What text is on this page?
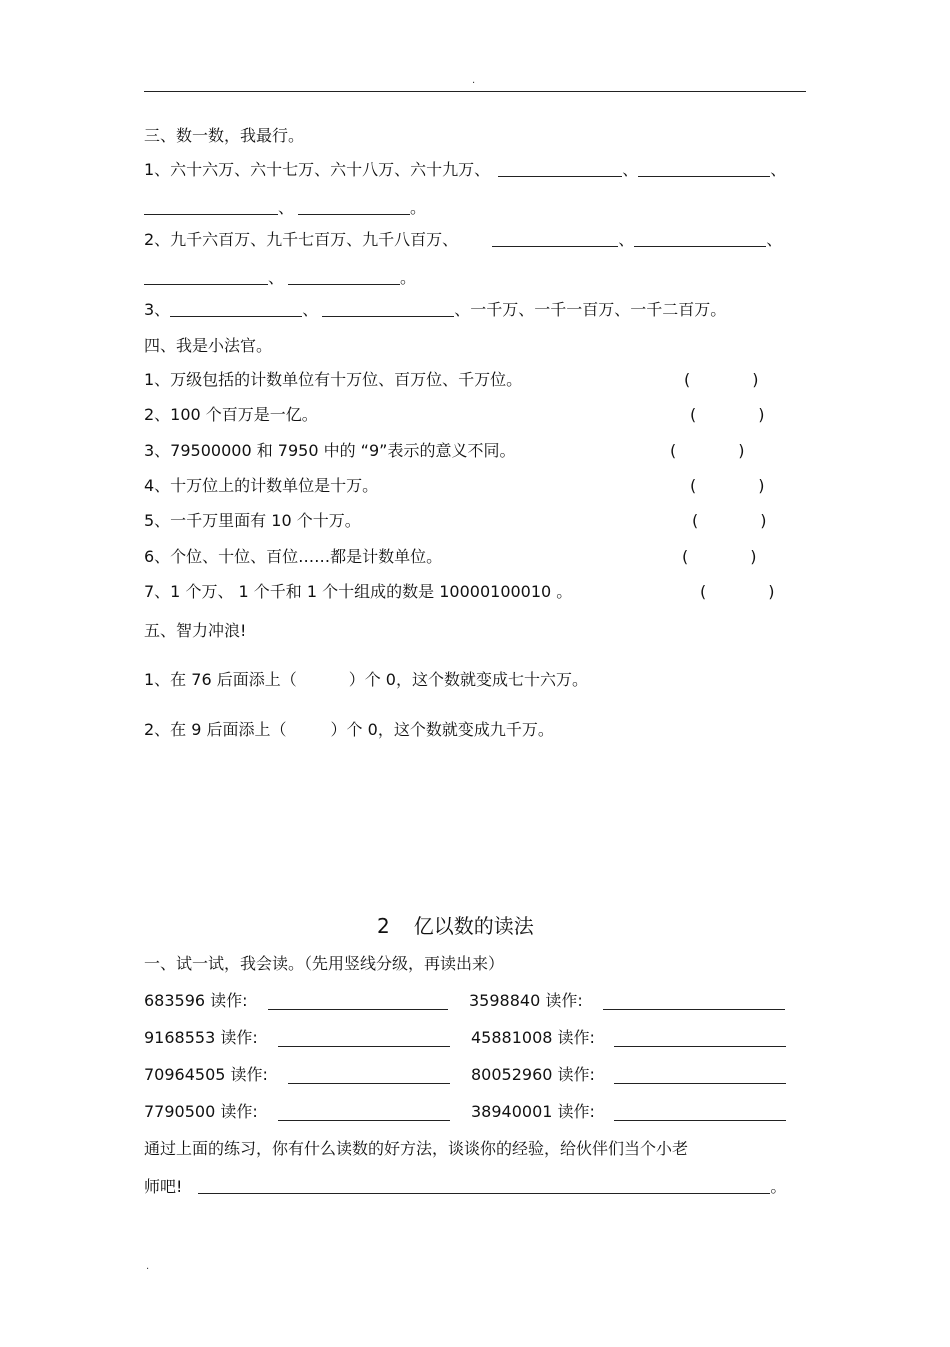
.
三、数一数，我最行。
1、六十六万、六十七万、六十八万、六十九万、	、	、
、	。
2、九千六百万、九千七百万、九千八百万、	、	、
、	。
3、	、	、一千万、一千一百万、一千二百万。
四、我是小法官。
1、万级包括的计数单位有十万位、百万位、千万位。	(	)
2、100 个百万是一亿。	(	)
3、79500000 和 7950 中的 “9”表示的意义不同。	(	)
4、十万位上的计数单位是十万。	(	)
5、一千万里面有 10 个十万。	(	)
6、个位、十位、百位……都是计数单位。	(	)
7、1 个万、 1 个千和 1 个十组成的数是 10000100010 。	(	)
五、智力冲浪!
1、在 76 后面添上（	）个 0，这个数就变成七十六万。
2、在 9 后面添上（	）个 0，这个数就变成九千万。
2 亿以数的读法
一、试一试，我会读。（先用竖线分级，再读出来）
683596 读作:	3598840 读作:
9168553 读作:	45881008 读作:
70964505 读作:	80052960 读作:
7790500 读作:	38940001 读作:
通过上面的练习，你有什么读数的好方法，谈谈你的经验，给伙伴们当个小老
师吧!	。
.
